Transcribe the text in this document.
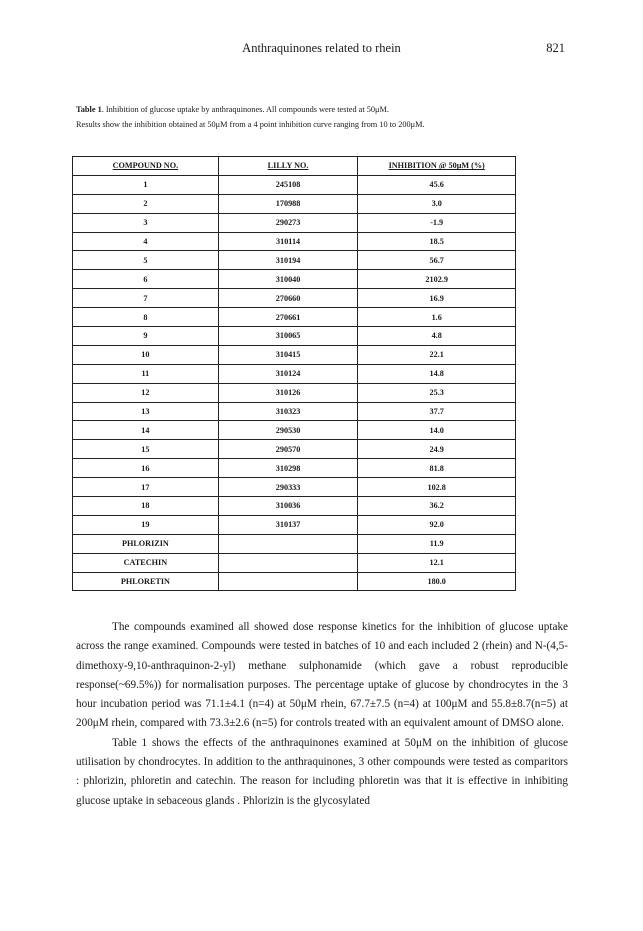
Anthraquinones related to rhein	821
Table 1. Inhibition of glucose uptake by anthraquinones. All compounds were tested at 50μM.
Results show the inhibition obtained at 50μM from a 4 point inhibition curve ranging from 10 to 200μM.
COMPOUND NO.	LILLY NO.	INHIBITION @ 50μM (%)
1	245108	45.6
2	170988	3.0
3	290273	-1.9
4	310114	18.5
5	310194	56.7
6	310040	2102.9
7	270660	16.9
8	270661	1.6
9	310065	4.8
10	310415	22.1
11	310124	14.8
12	310126	25.3
13	310323	37.7
14	290530	14.0
15	290570	24.9
16	310298	81.8
17	290333	102.8
18	310036	36.2
19	310137	92.0
PHLORIZIN		11.9
CATECHIN		12.1
PHLORETIN		180.0

The compounds examined all showed dose response kinetics for the inhibition of glucose uptake across the range examined. Compounds were tested in batches of 10 and each included 2 (rhein) and N-(4,5-dimethoxy-9,10-anthraquinon-2-yl) methane sulphonamide (which gave a robust reproducible response(~69.5%)) for normalisation purposes. The percentage uptake of glucose by chondrocytes in the 3 hour incubation period was 71.1±4.1 (n=4) at 50μM rhein, 67.7±7.5 (n=4) at 100μM and 55.8±8.7(n=5) at 200μM rhein, compared with 73.3±2.6 (n=5) for controls treated with an equivalent amount of DMSO alone.

Table 1 shows the effects of the anthraquinones examined at 50μM on the inhibition of glucose utilisation by chondrocytes. In addition to the anthraquinones, 3 other compounds were tested as comparitors : phlorizin, phloretin and catechin. The reason for including phloretin was that it is effective in inhibiting glucose uptake in sebaceous glands . Phlorizin is the glycosylated
